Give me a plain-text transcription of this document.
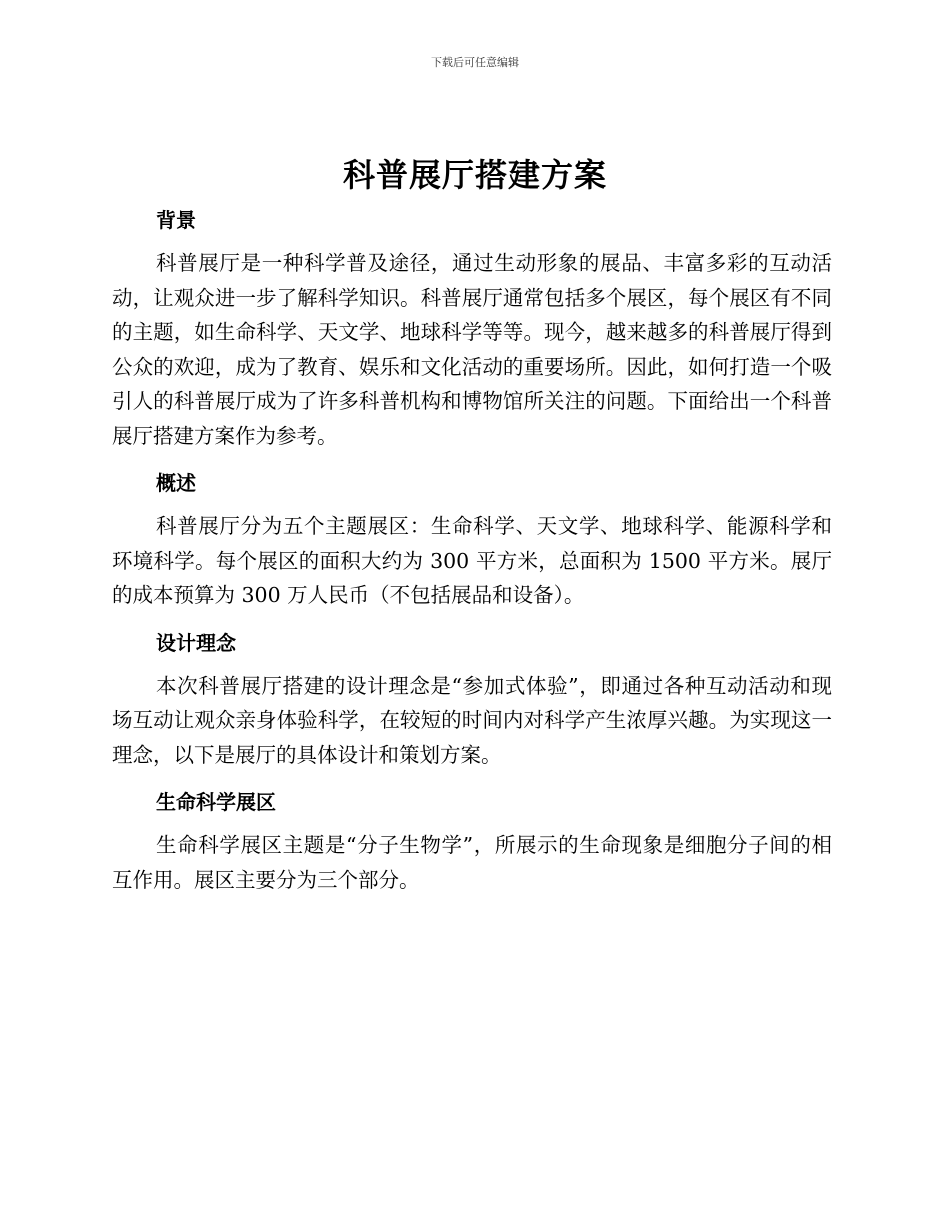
下载后可任意编辑
科普展厅搭建方案
背景

科普展厅是一种科学普及途径，通过生动形象的展品、丰富多彩的互动活动，让观众进一步了解科学知识。科普展厅通常包括多个展区，每个展区有不同的主题，如生命科学、天文学、地球科学等等。现今，越来越多的科普展厅得到公众的欢迎，成为了教育、娱乐和文化活动的重要场所。因此，如何打造一个吸引人的科普展厅成为了许多科普机构和博物馆所关注的问题。下面给出一个科普展厅搭建方案作为参考。

概述

科普展厅分为五个主题展区：生命科学、天文学、地球科学、能源科学和环境科学。每个展区的面积大约为 300 平方米，总面积为 1500 平方米。展厅的成本预算为 300 万人民币（不包括展品和设备）。

设计理念

本次科普展厅搭建的设计理念是“参加式体验”，即通过各种互动活动和现场互动让观众亲身体验科学，在较短的时间内对科学产生浓厚兴趣。为实现这一理念，以下是展厅的具体设计和策划方案。

生命科学展区

生命科学展区主题是“分子生物学”，所展示的生命现象是细胞分子间的相互作用。展区主要分为三个部分。
